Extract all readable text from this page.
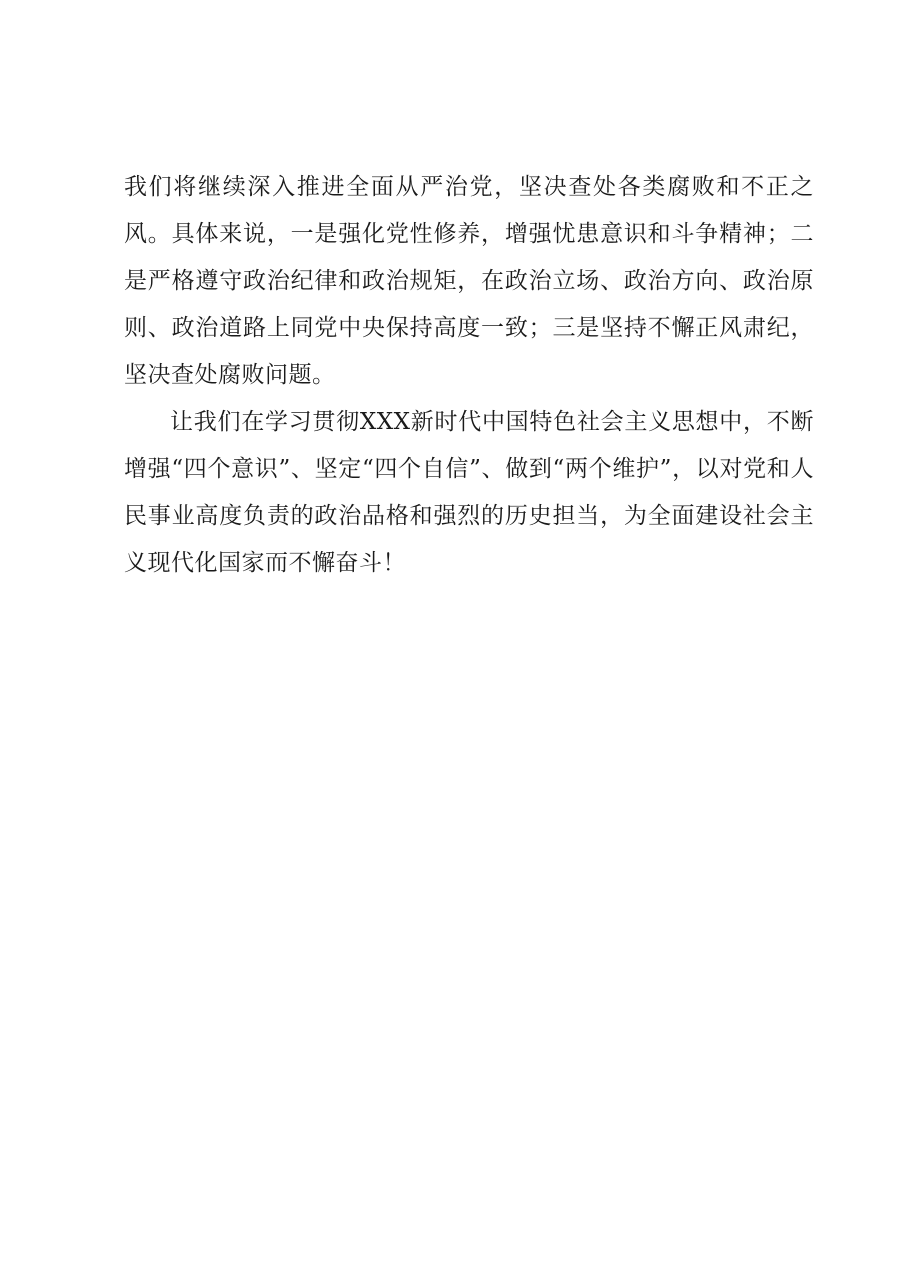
我们将继续深入推进全面从严治党，坚决查处各类腐败和不正之风。具体来说，一是强化党性修养，增强忧患意识和斗争精神；二是严格遵守政治纪律和政治规矩，在政治立场、政治方向、政治原则、政治道路上同党中央保持高度一致；三是坚持不懈正风肃纪，坚决查处腐败问题。

让我们在学习贯彻XXX新时代中国特色社会主义思想中，不断增强“四个意识”、坚定“四个自信”、做到“两个维护”，以对党和人民事业高度负责的政治品格和强烈的历史担当，为全面建设社会主义现代化国家而不懈奋斗！
